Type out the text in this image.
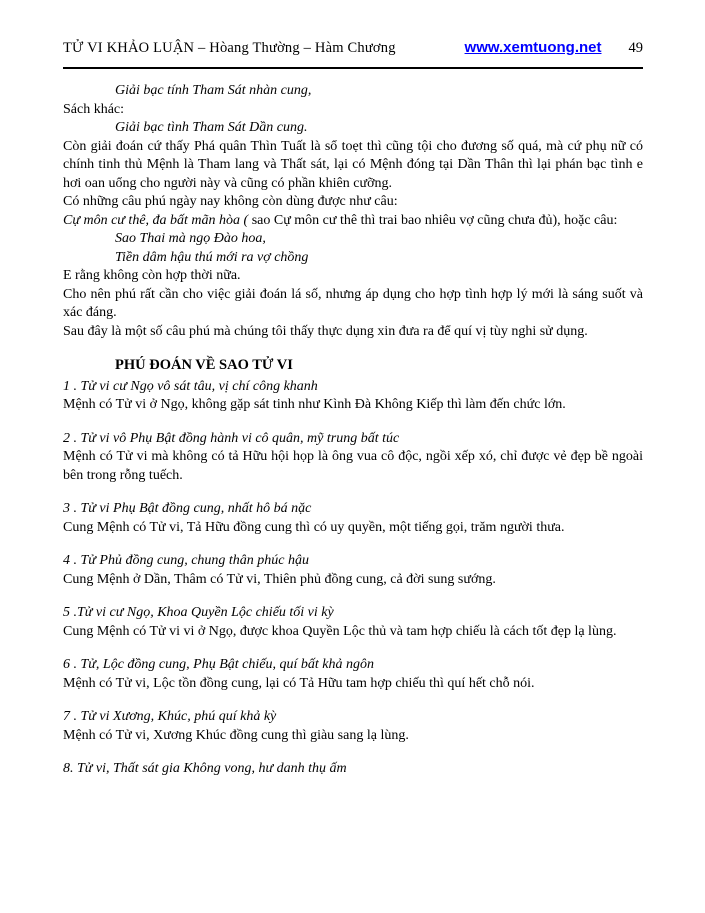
TỬ VI KHẢO LUẬN – Hòang Thường – Hàm Chương	www.xemtuong.net 49

Giải bạc tính Tham Sát nhàn cung,

Sách khác:

Giải bạc tình Tham Sát Dần cung.

Còn giải đoán cứ thấy Phá quân Thìn Tuất là sổ toẹt thì cũng tội cho đương số quá, mà cứ phụ nữ có chính tinh thủ Mệnh là Tham lang và Thất sát, lại có Mệnh đóng tại Dần Thân thì lại phán bạc tình e hơi oan uổng cho người này và cũng có phần khiên cưỡng.

Có những câu phú ngày nay không còn dùng được như câu:

Cự môn cư thê, đa bất mãn hòa ( sao Cự môn cư thê thì trai bao nhiêu vợ cũng chưa đủ), hoặc câu:

Sao Thai mà ngọ Đào hoa,

Tiền dâm hậu thú mới ra vợ chồng

E rằng không còn hợp thời nữa.

Cho nên phú rất cần cho việc giải đoán lá số, nhưng áp dụng cho hợp tình hợp lý mới là sáng suốt và xác đáng.

Sau đây là một số câu phú mà chúng tôi thấy thực dụng xin đưa ra để quí vị tùy nghi sử dụng.

PHÚ ĐOÁN VỀ SAO TỬ VI

1 . Tử vi cư Ngọ vô sát tâu, vị chí công khanh

Mệnh có Tử vi ở Ngọ, không gặp sát tinh như Kình Đà Không Kiếp thì làm đến chức lớn.

2 . Tử vi vô Phụ Bật đồng hành vi cô quân, mỹ trung bất túc

Mệnh có Tử vi mà không có tả Hữu hội họp là ông vua cô độc, ngồi xếp xó, chỉ được vẻ đẹp bề ngoài bên trong rỗng tuếch.

3 . Tử vi Phụ Bật đồng cung, nhất hô bá nặc

Cung Mệnh có Tử vi, Tả Hữu đồng cung thì có uy quyền, một tiếng gọi, trăm người thưa.

4 . Tử Phủ đồng cung, chung thân phúc hậu

Cung Mệnh ở Dần, Thâm có Tử vi, Thiên phủ đồng cung, cả đời sung sướng.

5 .Tử vi cư Ngọ, Khoa Quyền Lộc chiếu tối vi kỳ

Cung Mệnh có Tử vi vi ở Ngọ, được khoa Quyền Lộc thủ và tam hợp chiếu là cách tốt đẹp lạ lùng.

6 . Tử, Lộc đồng cung, Phụ Bật chiếu, quí bất khả ngôn

Mệnh có Tử vi, Lộc tồn đồng cung, lại có Tả Hữu tam hợp chiếu thì quí hết chỗ nói.

7 . Tử vi Xương, Khúc, phú quí khả kỳ

Mệnh có Tử vi, Xương Khúc đồng cung thì giàu sang lạ lùng.

8. Tử vi, Thất sát gia Không vong, hư danh thụ ấm
